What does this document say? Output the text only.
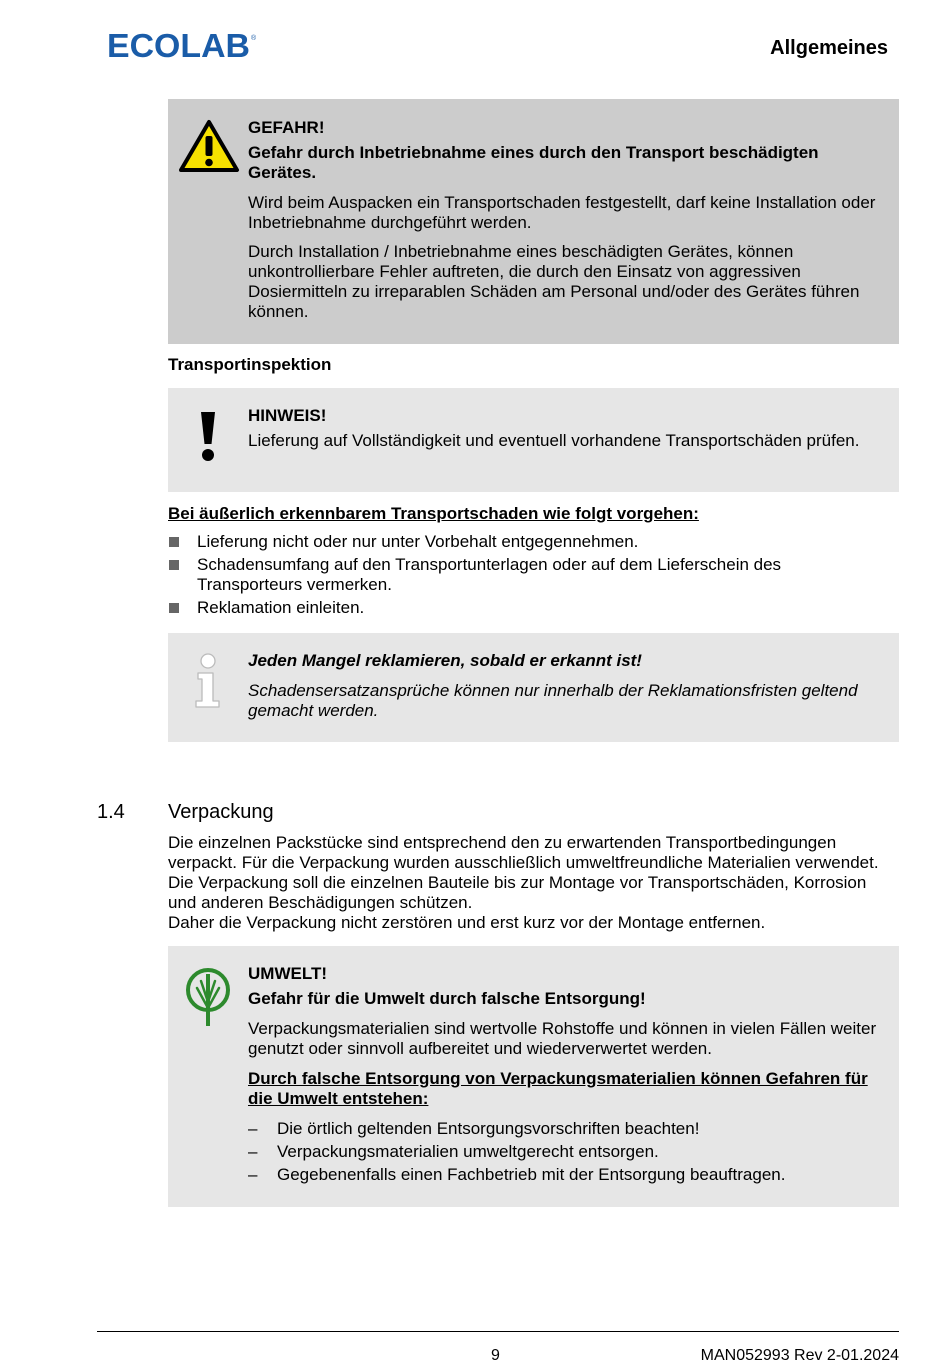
ECOLAB ®	Allgemeines

GEFAHR!

Gefahr durch Inbetriebnahme eines durch den Transport beschädigten Gerätes.

Wird beim Auspacken ein Transportschaden festgestellt, darf keine Installation oder Inbetriebnahme durchgeführt werden.

Durch Installation / Inbetriebnahme eines beschädigten Gerätes, können unkontrollierbare Fehler auftreten, die durch den Einsatz von aggressiven Dosiermitteln zu irreparablen Schäden am Personal und/oder des Gerätes führen können.

Transportinspektion

HINWEIS!

Lieferung auf Vollständigkeit und eventuell vorhandene Transportschäden prüfen.

Bei äußerlich erkennbarem Transportschaden wie folgt vorgehen:
Lieferung nicht oder nur unter Vorbehalt entgegennehmen.
Schadensumfang auf den Transportunterlagen oder auf dem Lieferschein des Transporteurs vermerken.
Reklamation einleiten.

Jeden Mangel reklamieren, sobald er erkannt ist!

Schadensersatzansprüche können nur innerhalb der Reklamationsfristen geltend gemacht werden.

1.4 Verpackung

Die einzelnen Packstücke sind entsprechend den zu erwartenden Transportbedingungen verpackt. Für die Verpackung wurden ausschließlich umweltfreundliche Materialien verwendet. Die Verpackung soll die einzelnen Bauteile bis zur Montage vor Transportschäden, Korrosion und anderen Beschädigungen schützen.

Daher die Verpackung nicht zerstören und erst kurz vor der Montage entfernen.

UMWELT!

Gefahr für die Umwelt durch falsche Entsorgung!

Verpackungsmaterialien sind wertvolle Rohstoffe und können in vielen Fällen weiter genutzt oder sinnvoll aufbereitet und wiederverwertet werden.

Durch falsche Entsorgung von Verpackungsmaterialien können Gefahren für die Umwelt entstehen:

– Die örtlich geltenden Entsorgungsvorschriften beachten!
– Verpackungsmaterialien umweltgerecht entsorgen.
– Gegebenenfalls einen Fachbetrieb mit der Entsorgung beauftragen.
9	MAN052993 Rev 2-01.2024
